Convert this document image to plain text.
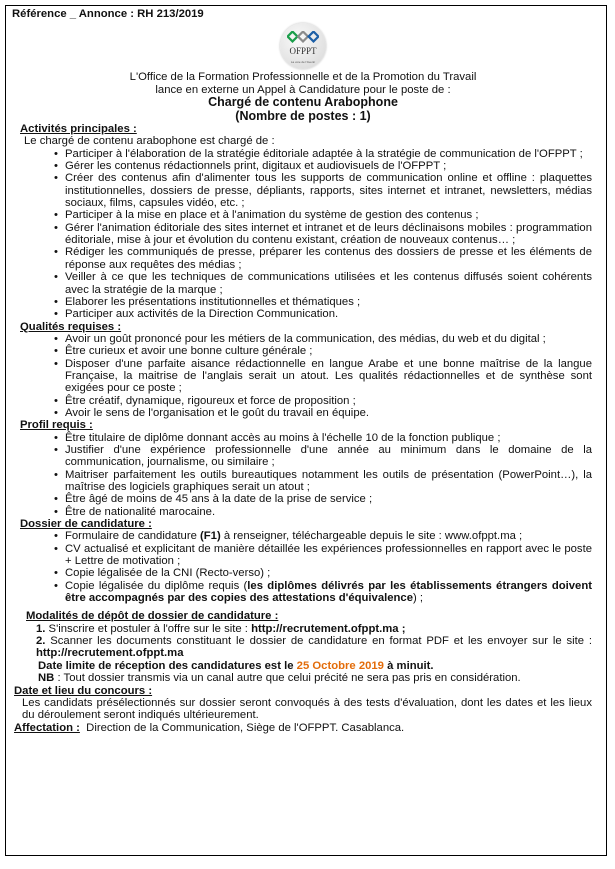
Référence _ Annonce : RH 213/2019
OFPPT
La voie de l'Avenir
L'Office de la Formation Professionnelle et de la Promotion du Travail
lance en externe un Appel à Candidature pour le poste de :
Chargé de contenu Arabophone
(Nombre de postes : 1)
Activités principales :
Le chargé de contenu arabophone est chargé de :
• Participer à l'élaboration de la stratégie éditoriale adaptée à la stratégie de communication de l'OFPPT ;
• Gérer les contenus rédactionnels print, digitaux et audiovisuels de l'OFPPT ;
• Créer des contenus afin d'alimenter tous les supports de communication online et offline : plaquettes institutionnelles, dossiers de presse, dépliants, rapports, sites internet et intranet, newsletters, médias sociaux, films, capsules vidéo, etc. ;
• Participer à la mise en place et à l'animation du système de gestion des contenus ;
• Gérer l'animation éditoriale des sites internet et intranet et de leurs déclinaisons mobiles : programmation éditoriale, mise à jour et évolution du contenu existant, création de nouveaux contenus… ;
• Rédiger les communiqués de presse, préparer les contenus des dossiers de presse et les éléments de réponse aux requêtes des médias ;
• Veiller à ce que les techniques de communications utilisées et les contenus diffusés soient cohérents avec la stratégie de la marque ;
• Elaborer les présentations institutionnelles et thématiques ;
• Participer aux activités de la Direction Communication.
Qualités requises :
• Avoir un goût prononcé pour les métiers de la communication, des médias, du web et du digital ;
• Être curieux et avoir une bonne culture générale ;
• Disposer d'une parfaite aisance rédactionnelle en langue Arabe et une bonne maîtrise de la langue Française, la maitrise de l'anglais serait un atout. Les qualités rédactionnelles et de synthèse sont exigées pour ce poste ;
• Être créatif, dynamique, rigoureux et force de proposition ;
• Avoir le sens de l'organisation et le goût du travail en équipe.
Profil requis :
• Être titulaire de diplôme donnant accès au moins à l'échelle 10 de la fonction publique ;
• Justifier d'une expérience professionnelle d'une année au minimum dans le domaine de la communication, journalisme, ou similaire ;
• Maitriser parfaitement les outils bureautiques notamment les outils de présentation (PowerPoint…), la maîtrise des logiciels graphiques serait un atout ;
• Être âgé de moins de 45 ans à la date de la prise de service ;
• Être de nationalité marocaine.
Dossier de candidature :
• Formulaire de candidature (F1) à renseigner, téléchargeable depuis le site : www.ofppt.ma ;
• CV actualisé et explicitant de manière détaillée les expériences professionnelles en rapport avec le poste + Lettre de motivation ;
• Copie légalisée de la CNI (Recto-verso) ;
• Copie légalisée du diplôme requis (les diplômes délivrés par les établissements étrangers doivent être accompagnés par des copies des attestations d'équivalence) ;
Modalités de dépôt de dossier de candidature :
1. S'inscrire et postuler à l'offre sur le site : http://recrutement.ofppt.ma ;
2. Scanner les documents constituant le dossier de candidature en format PDF et les envoyer sur le site : http://recrutement.ofppt.ma
Date limite de réception des candidatures est le 25 Octobre 2019 à minuit.
NB : Tout dossier transmis via un canal autre que celui précité ne sera pas pris en considération.
Date et lieu du concours :
Les candidats présélectionnés sur dossier seront convoqués à des tests d'évaluation, dont les dates et les lieux du déroulement seront indiqués ultérieurement.
Affectation :  Direction de la Communication, Siège de l'OFPPT. Casablanca.
